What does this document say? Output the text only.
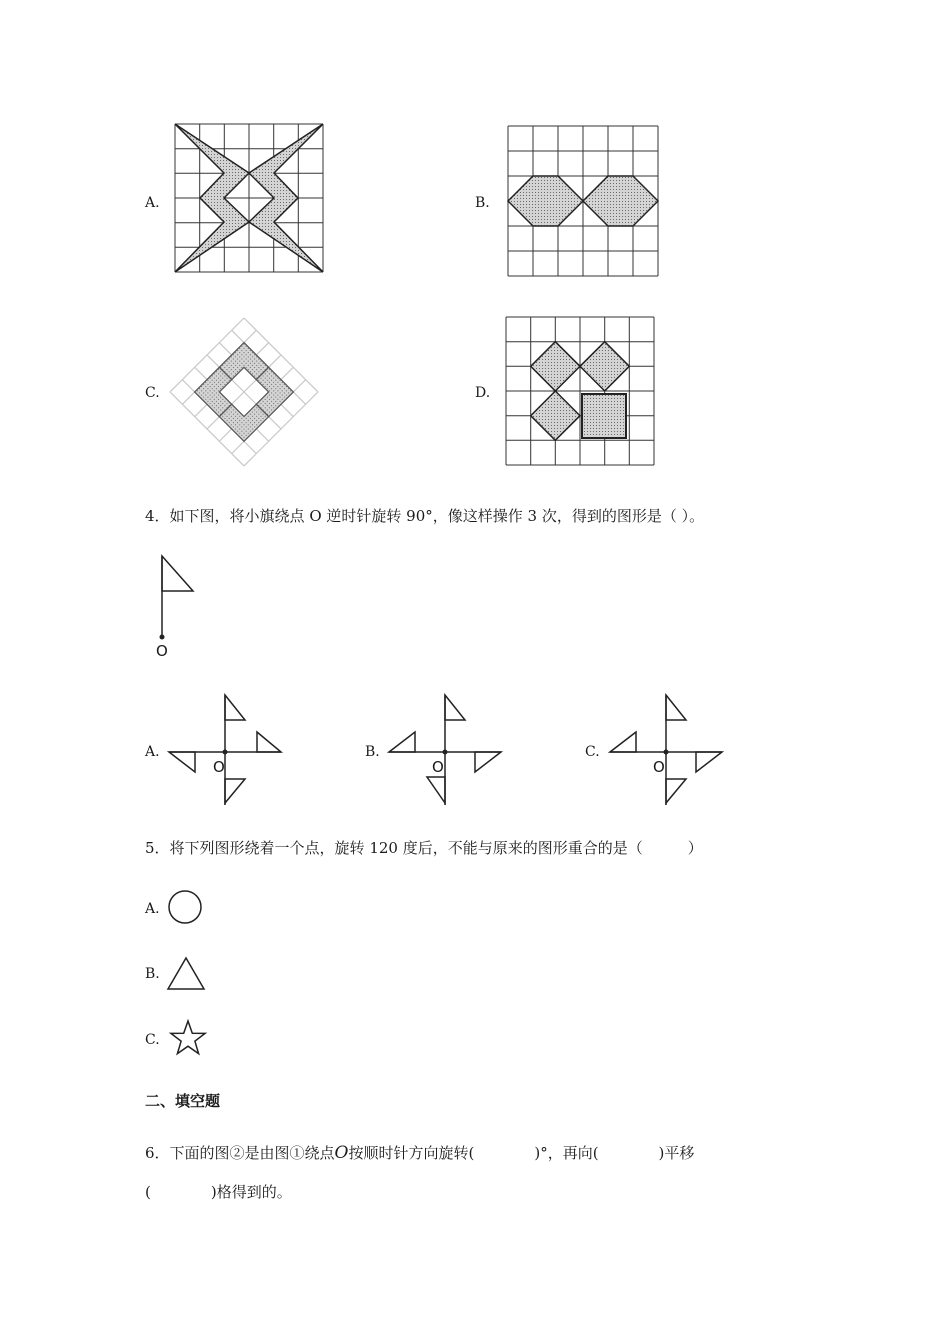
A.	B.
C.	D.
4．如下图，将小旗绕点 O 逆时针旋转 90°，像这样操作 3 次，得到的图形是（ ）。
O
A.
O
B.
O
C.
O
5．将下列图形绕着一个点，旋转 120 度后，不能与原来的图形重合的是（　　　）
A.
B.
C.
二、填空题
6．下面的图②是由图①绕点O按顺时针方向旋转(　　　　)°，再向(　　　　)平移
(　　　　)格得到的。
